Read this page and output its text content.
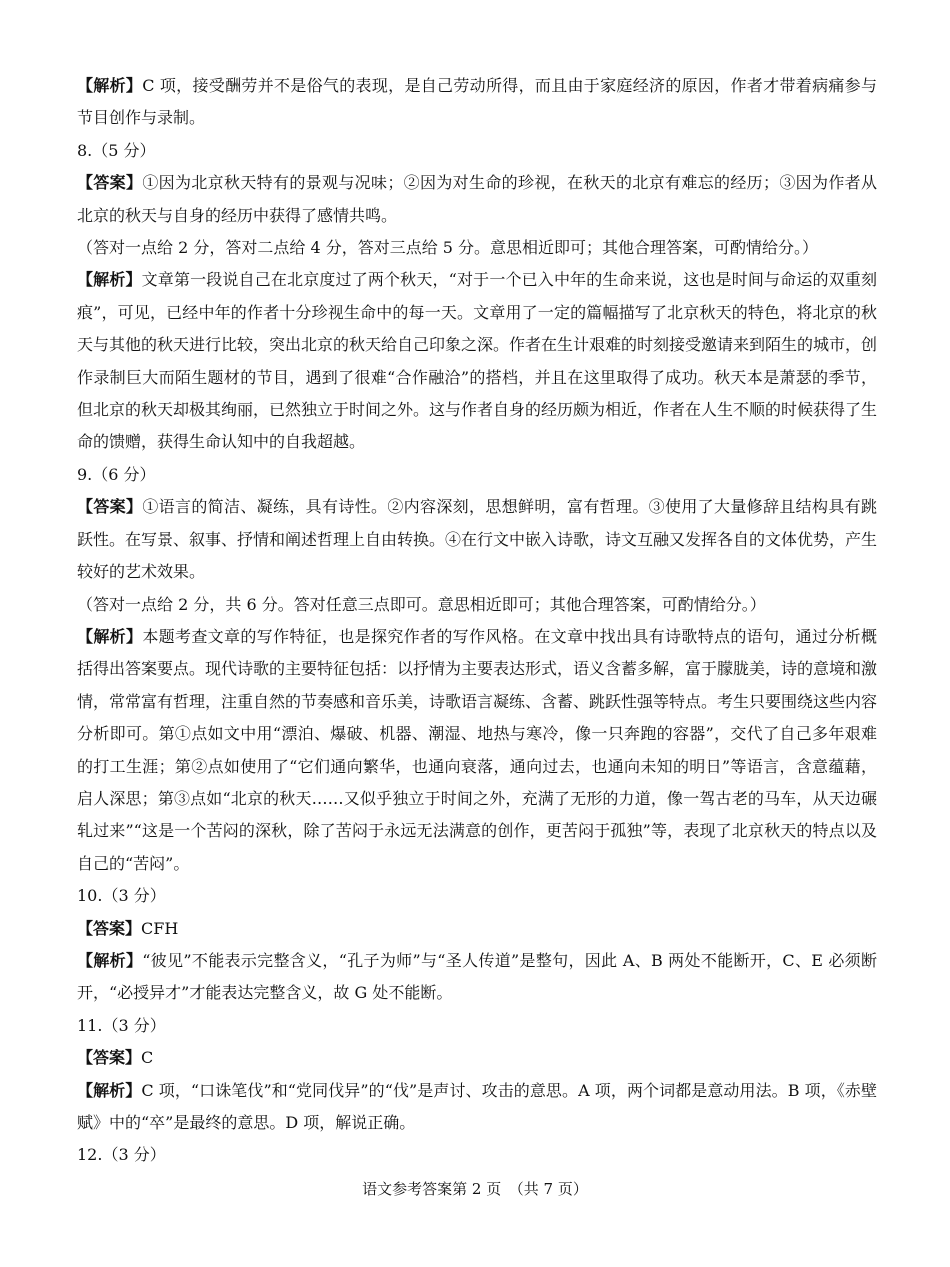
【解析】C 项，接受酬劳并不是俗气的表现，是自己劳动所得，而且由于家庭经济的原因，作者才带着病痛参与节目创作与录制。

8.（5 分）

【答案】①因为北京秋天特有的景观与况味；②因为对生命的珍视，在秋天的北京有难忘的经历；③因为作者从北京的秋天与自身的经历中获得了感情共鸣。

（答对一点给 2 分，答对二点给 4 分，答对三点给 5 分。意思相近即可；其他合理答案，可酌情给分。）

【解析】文章第一段说自己在北京度过了两个秋天，“对于一个已入中年的生命来说，这也是时间与命运的双重刻痕”，可见，已经中年的作者十分珍视生命中的每一天。文章用了一定的篇幅描写了北京秋天的特色，将北京的秋天与其他的秋天进行比较，突出北京的秋天给自己印象之深。作者在生计艰难的时刻接受邀请来到陌生的城市，创作录制巨大而陌生题材的节目，遇到了很难“合作融洽”的搭档，并且在这里取得了成功。秋天本是萧瑟的季节，但北京的秋天却极其绚丽，已然独立于时间之外。这与作者自身的经历颇为相近，作者在人生不顺的时候获得了生命的馈赠，获得生命认知中的自我超越。

9.（6 分）

【答案】①语言的简洁、凝练，具有诗性。②内容深刻，思想鲜明，富有哲理。③使用了大量修辞且结构具有跳跃性。在写景、叙事、抒情和阐述哲理上自由转换。④在行文中嵌入诗歌，诗文互融又发挥各自的文体优势，产生较好的艺术效果。

（答对一点给 2 分，共 6 分。答对任意三点即可。意思相近即可；其他合理答案，可酌情给分。）

【解析】本题考查文章的写作特征，也是探究作者的写作风格。在文章中找出具有诗歌特点的语句，通过分析概括得出答案要点。现代诗歌的主要特征包括：以抒情为主要表达形式，语义含蓄多解，富于朦胧美，诗的意境和激情，常常富有哲理，注重自然的节奏感和音乐美，诗歌语言凝练、含蓄、跳跃性强等特点。考生只要围绕这些内容分析即可。第①点如文中用“漂泊、爆破、机器、潮湿、地热与寒冷，像一只奔跑的容器”，交代了自己多年艰难的打工生涯；第②点如使用了“它们通向繁华，也通向衰落，通向过去，也通向未知的明日”等语言，含意蕴藉，启人深思；第③点如“北京的秋天……又似乎独立于时间之外，充满了无形的力道，像一驾古老的马车，从天边碾轧过来”“这是一个苦闷的深秋，除了苦闷于永远无法满意的创作，更苦闷于孤独”等，表现了北京秋天的特点以及自己的“苦闷”。

10.（3 分）

【答案】CFH

【解析】“彼见”不能表示完整含义，“孔子为师”与“圣人传道”是整句，因此 A、B 两处不能断开，C、E 必须断开，“必授异才”才能表达完整含义，故 G 处不能断。

11.（3 分）

【答案】C

【解析】C 项，“口诛笔伐”和“党同伐异”的“伐”是声讨、攻击的意思。A 项，两个词都是意动用法。B 项，《赤壁赋》中的“卒”是最终的意思。D 项，解说正确。

12.（3 分）

语文参考答案第 2 页　（共 7 页）
